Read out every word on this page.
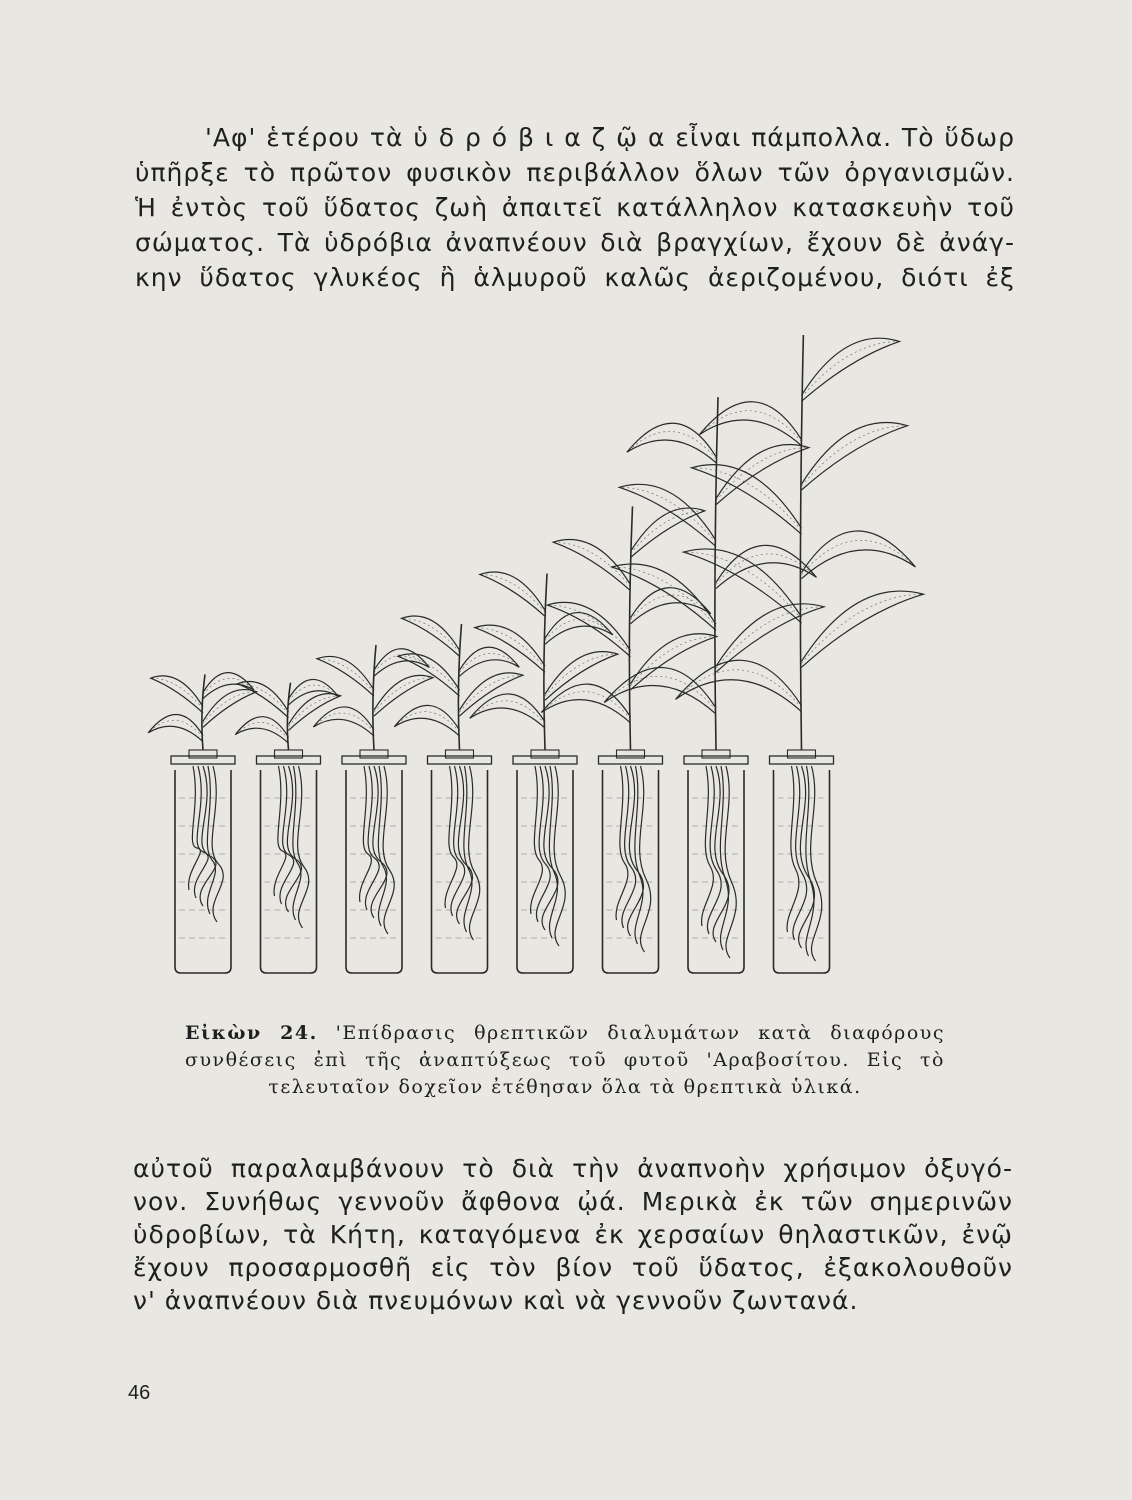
'Αφ' ἑτέρου τὰ ὑ δ ρ ό β ι α ζ ῷ α εἶναι πάμπολλα. Τὸ ὕδωρ
ὑπῆρξε τὸ πρῶτον φυσικὸν περιβάλλον ὅλων τῶν ὀργανισμῶν.
Ἡ ἐντὸς τοῦ ὕδατος ζωὴ ἀπαιτεῖ κατάλληλον κατασκευὴν τοῦ
σώματος. Τὰ ὑδρόβια ἀναπνέουν διὰ βραγχίων, ἔχουν δὲ ἀνάγ-
κην ὕδατος γλυκέος ἢ ἁλμυροῦ καλῶς ἀεριζομένου, διότι ἐξ
Εἰκὼν 24. 'Επίδρασις θρεπτικῶν διαλυμάτων κατὰ διαφόρους
συνθέσεις ἐπὶ τῆς ἀναπτύξεως τοῦ φυτοῦ 'Αραβοσίτου. Εἰς τὸ
τελευταῖον δοχεῖον ἐτέθησαν ὅλα τὰ θρεπτικὰ ὑλικά.
αὐτοῦ παραλαμβάνουν τὸ διὰ τὴν ἀναπνοὴν χρήσιμον ὀξυγό-
νον. Συνήθως γεννοῦν ἄφθονα ᾠά. Μερικὰ ἐκ τῶν σημερινῶν
ὑδροβίων, τὰ Κήτη, καταγόμενα ἐκ χερσαίων θηλαστικῶν, ἐνῷ
ἔχουν προσαρμοσθῆ εἰς τὸν βίον τοῦ ὕδατος, ἐξακολουθοῦν
ν' ἀναπνέουν διὰ πνευμόνων καὶ νὰ γεννοῦν ζωντανά.
46
